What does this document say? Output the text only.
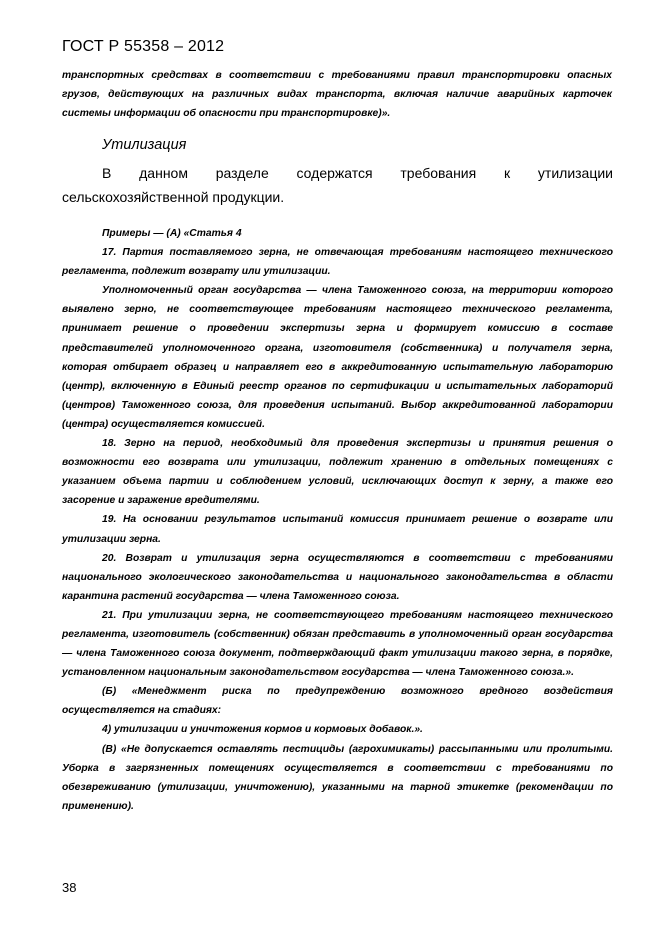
ГОСТ Р 55358 – 2012
транспортных средствах в соответствии с требованиями правил транспортировки опасных грузов, действующих на различных видах транспорта, включая наличие аварийных карточек системы информации об опасности при транспортировке)».
Утилизация

В данном разделе содержатся требования к утилизации сельскохозяйственной продукции.

Примеры — (А) «Статья 4

17. Партия поставляемого зерна, не отвечающая требованиям настоящего технического регламента, подлежит возврату или утилизации.

Уполномоченный орган государства — члена Таможенного союза, на территории которого выявлено зерно, не соответствующее требованиям настоящего технического регламента, принимает решение о проведении экспертизы зерна и формирует комиссию в составе представителей уполномоченного органа, изготовителя (собственника) и получателя зерна, которая отбирает образец и направляет его в аккредитованную испытательную лабораторию (центр), включенную в Единый реестр органов по сертификации и испытательных лабораторий (центров) Таможенного союза, для проведения испытаний. Выбор аккредитованной лаборатории (центра) осуществляется комиссией.

18. Зерно на период, необходимый для проведения экспертизы и принятия решения о возможности его возврата или утилизации, подлежит хранению в отдельных помещениях с указанием объема партии и соблюдением условий, исключающих доступ к зерну, а также его засорение и заражение вредителями.

19. На основании результатов испытаний комиссия принимает решение о возврате или утилизации зерна.

20. Возврат и утилизация зерна осуществляются в соответствии с требованиями национального экологического законодательства и национального законодательства в области карантина растений государства — члена Таможенного союза.

21. При утилизации зерна, не соответствующего требованиям настоящего технического регламента, изготовитель (собственник) обязан представить в уполномоченный орган государства — члена Таможенного союза документ, подтверждающий факт утилизации такого зерна, в порядке, установленном национальным законодательством государства — члена Таможенного союза.».

(Б) «Менеджмент риска по предупреждению возможного вредного воздействия осуществляется на стадиях:

4) утилизации и уничтожения кормов и кормовых добавок.».

(В) «Не допускается оставлять пестициды (агрохимикаты) рассыпанными или пролитыми. Уборка в загрязненных помещениях осуществляется в соответствии с требованиями по обезвреживанию (утилизации, уничтожению), указанными на тарной этикетке (рекомендации по применению).

38
